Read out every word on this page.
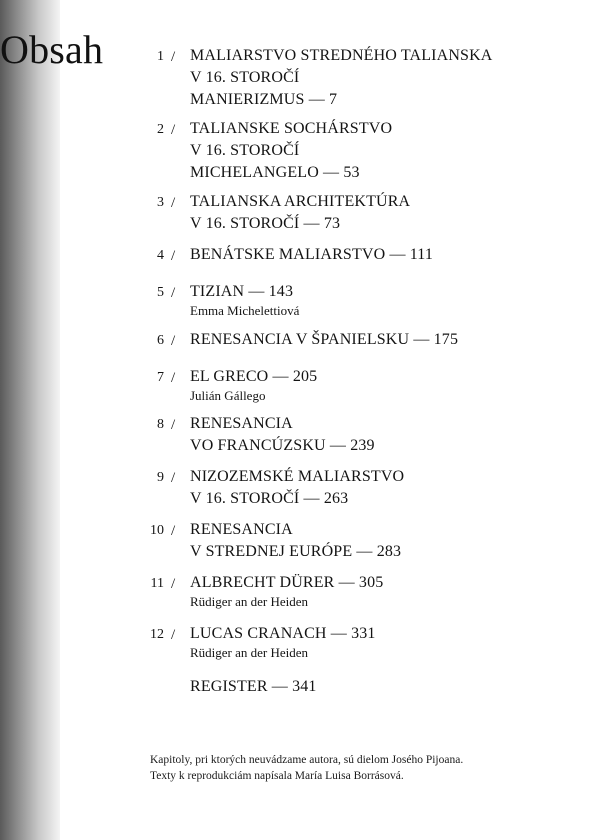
Obsah	1 / MALIARSTVO STREDNÉHO TALIANSKA
V 16. STOROČÍ
MANIERIZMUS — 7
2 / TALIANSKE SOCHÁRSTVO
V 16. STOROČÍ
MICHELANGELO — 53
3 / TALIANSKA ARCHITEKTÚRA
V 16. STOROČÍ — 73
4 / BENÁTSKE MALIARSTVO — 111
5 / TIZIAN — 143
Emma Michelettiová
6 / RENESANCIA V ŠPANIELSKU — 175
7 / EL GRECO — 205
Julián Gállego
8 / RENESANCIA
VO FRANCÚZSKU — 239
9 / NIZOZEMSKÉ MALIARSTVO
V 16. STOROČÍ — 263
10 / RENESANCIA
V STREDNEJ EURÓPE — 283
11 / ALBRECHT DÜRER — 305
Rüdiger an der Heiden
12 / LUCAS CRANACH — 331
Rüdiger an der Heiden
REGISTER — 341
Kapitoly, pri ktorých neuvádzame autora, sú dielom Josého Pijoana.
Texty k reprodukciám napísala María Luisa Borrásová.
